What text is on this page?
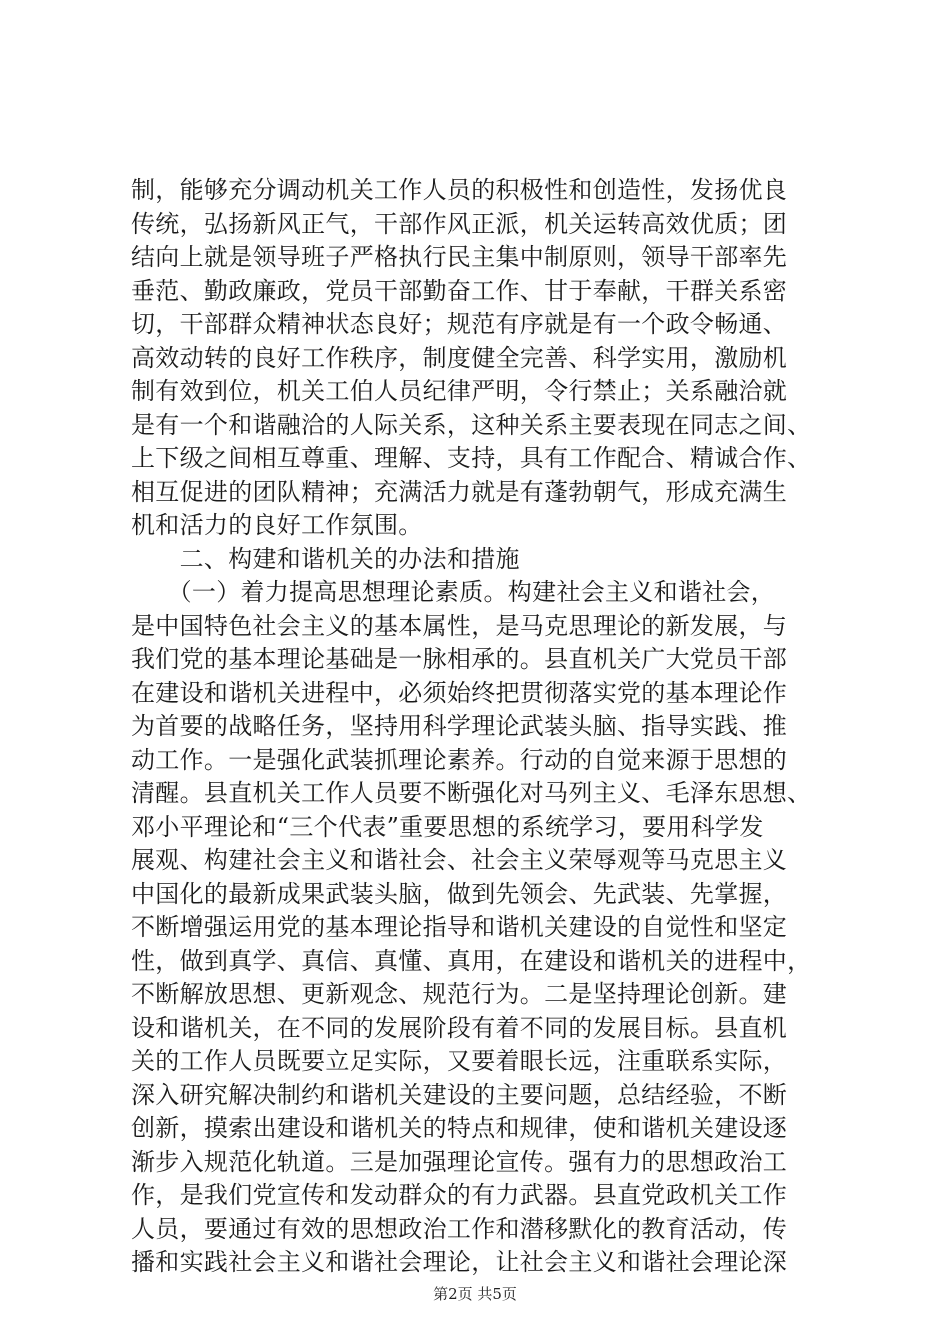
制，能够充分调动机关工作人员的积极性和创造性，发扬优良
传统，弘扬新风正气，干部作风正派，机关运转高效优质；团
结向上就是领导班子严格执行民主集中制原则，领导干部率先
垂范、勤政廉政，党员干部勤奋工作、甘于奉献，干群关系密
切，干部群众精神状态良好；规范有序就是有一个政令畅通、
高效动转的良好工作秩序，制度健全完善、科学实用，激励机
制有效到位，机关工伯人员纪律严明，令行禁止；关系融洽就
是有一个和谐融洽的人际关系，这种关系主要表现在同志之间、
上下级之间相互尊重、理解、支持，具有工作配合、精诚合作、
相互促进的团队精神；充满活力就是有蓬勃朝气，形成充满生
机和活力的良好工作氛围。
　　二、构建和谐机关的办法和措施
　　（一）着力提高思想理论素质。构建社会主义和谐社会，
是中国特色社会主义的基本属性，是马克思理论的新发展，与
我们党的基本理论基础是一脉相承的。县直机关广大党员干部
在建设和谐机关进程中，必须始终把贯彻落实党的基本理论作
为首要的战略任务，坚持用科学理论武装头脑、指导实践、推
动工作。一是强化武装抓理论素养。行动的自觉来源于思想的
清醒。县直机关工作人员要不断强化对马列主义、毛泽东思想、
邓小平理论和“三个代表”重要思想的系统学习，要用科学发
展观、构建社会主义和谐社会、社会主义荣辱观等马克思主义
中国化的最新成果武装头脑，做到先领会、先武装、先掌握，
不断增强运用党的基本理论指导和谐机关建设的自觉性和坚定
性，做到真学、真信、真懂、真用，在建设和谐机关的进程中，
不断解放思想、更新观念、规范行为。二是坚持理论创新。建
设和谐机关，在不同的发展阶段有着不同的发展目标。县直机
关的工作人员既要立足实际，又要着眼长远，注重联系实际，
深入研究解决制约和谐机关建设的主要问题，总结经验，不断
创新，摸索出建设和谐机关的特点和规律，使和谐机关建设逐
渐步入规范化轨道。三是加强理论宣传。强有力的思想政治工
作，是我们党宣传和发动群众的有力武器。县直党政机关工作
人员，要通过有效的思想政治工作和潜移默化的教育活动，传
播和实践社会主义和谐社会理论，让社会主义和谐社会理论深
第2页 共5页
